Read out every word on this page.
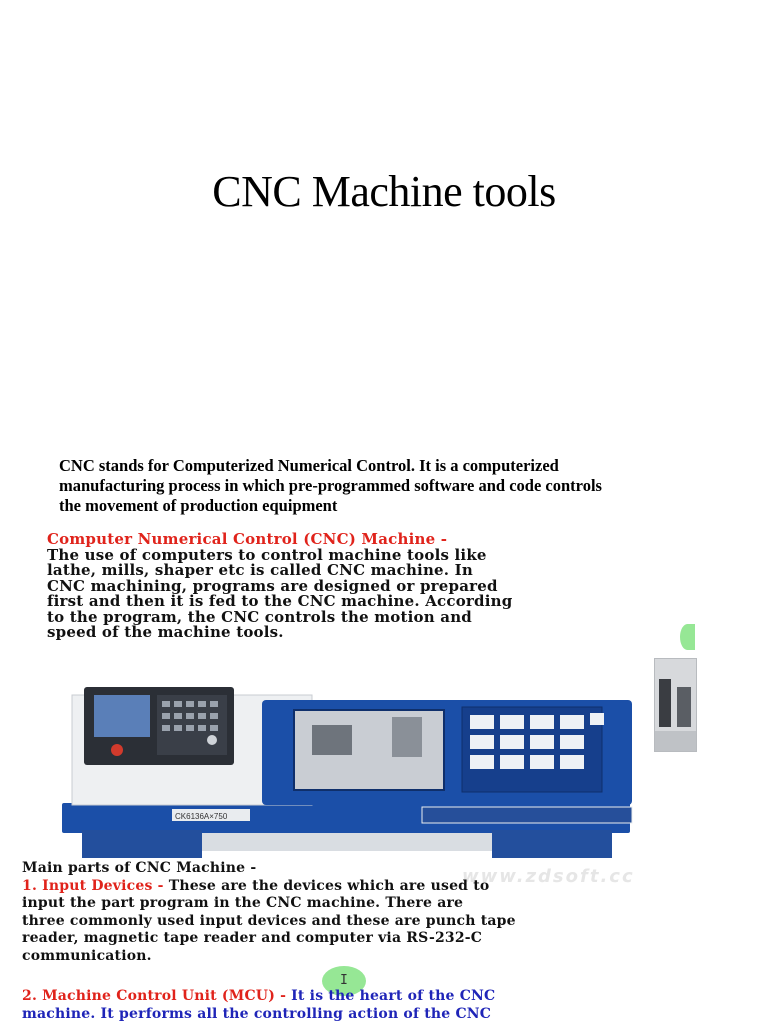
CNC Machine tools
CNC stands for Computerized Numerical Control. It is a computerized
manufacturing process in which pre-programmed software and code controls
the movement of production equipment
Computer Numerical Control (CNC) Machine -
The use of computers to control machine tools like
lathe, mills, shaper etc is called CNC machine. In
CNC machining, programs are designed or prepared
first and then it is fed to the CNC machine. According
to the program, the CNC controls the motion and
speed of the machine tools.
CK6136A×750
www.zdsoft.cc
Main parts of CNC Machine -
1. Input Devices - These are the devices which are used to
input the part program in the CNC machine. There are
three commonly used input devices and these are punch tape
reader, magnetic tape reader and computer via RS-232-C
communication.
I
2. Machine Control Unit (MCU) - It is the heart of the CNC
machine. It performs all the controlling action of the CNC
